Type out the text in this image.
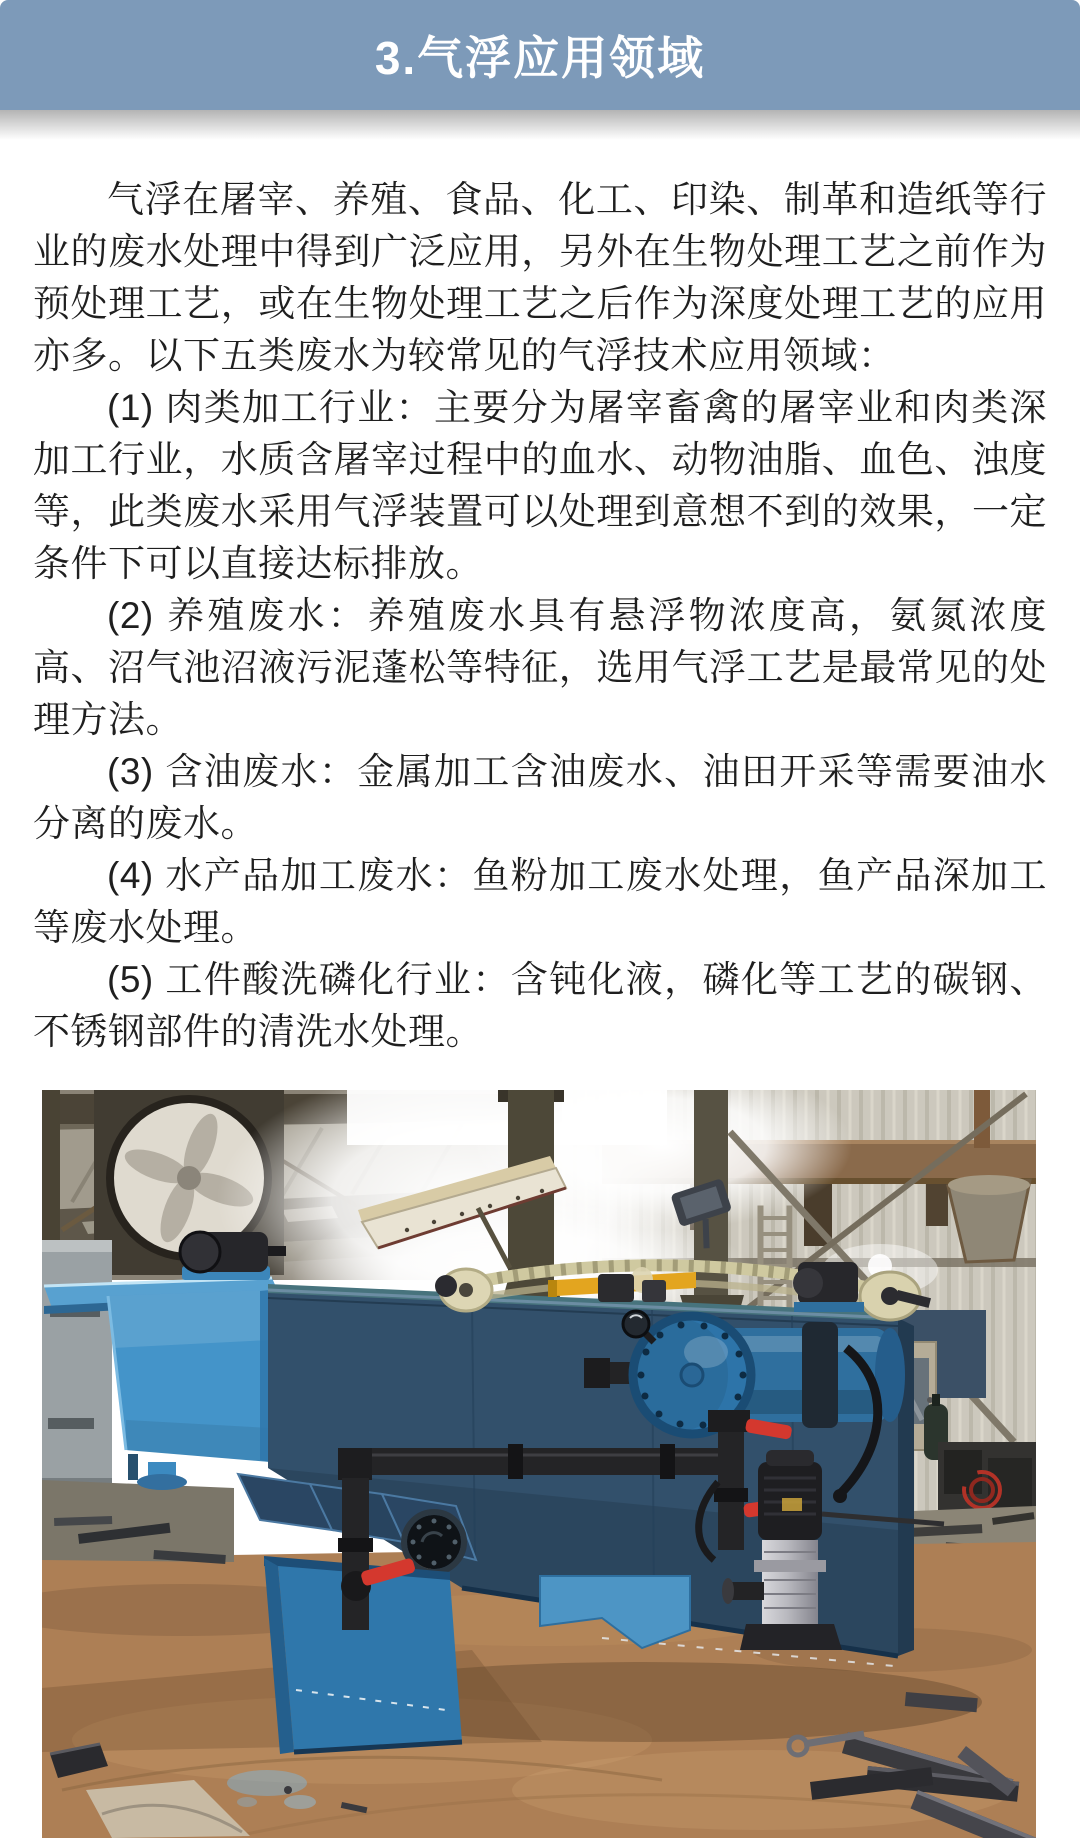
3.气浮应用领域

气浮在屠宰、养殖、食品、化工、印染、制革和造纸等行业的废水处理中得到广泛应用，另外在生物处理工艺之前作为预处理工艺，或在生物处理工艺之后作为深度处理工艺的应用亦多。以下五类废水为较常见的气浮技术应用领域：

(1) 肉类加工行业：主要分为屠宰畜禽的屠宰业和肉类深加工行业，水质含屠宰过程中的血水、动物油脂、血色、浊度等，此类废水采用气浮装置可以处理到意想不到的效果，一定条件下可以直接达标排放。

(2) 养殖废水：养殖废水具有悬浮物浓度高，氨氮浓度高、沼气池沼液污泥蓬松等特征，选用气浮工艺是最常见的处理方法。

(3) 含油废水：金属加工含油废水、油田开采等需要油水分离的废水。

(4) 水产品加工废水：鱼粉加工废水处理，鱼产品深加工等废水处理。

(5) 工件酸洗磷化行业：含钝化液，磷化等工艺的碳钢、不锈钢部件的清洗水处理。
